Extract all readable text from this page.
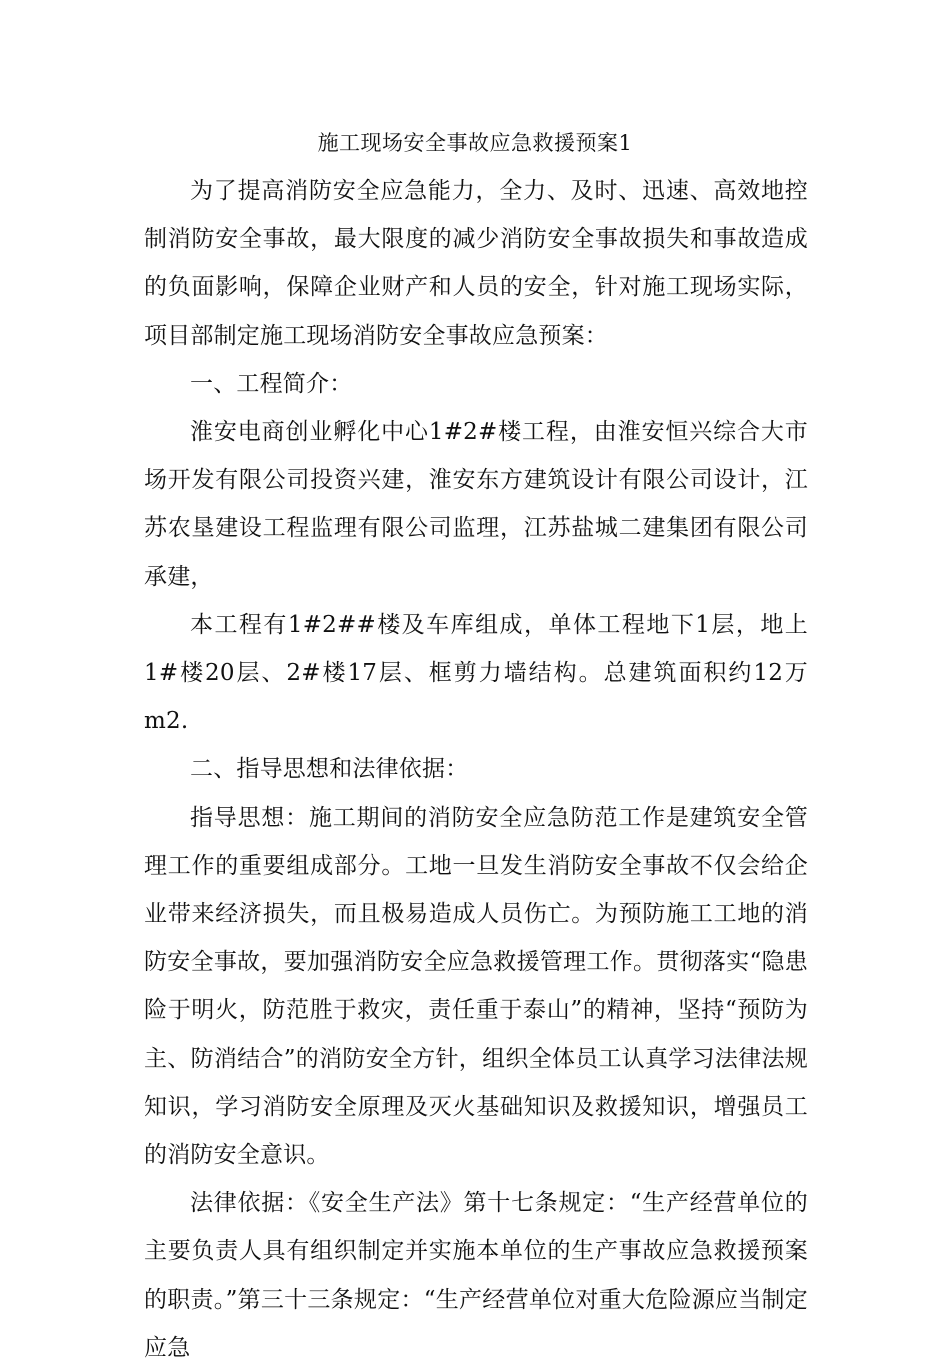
施工现场安全事故应急救援预案1

为了提高消防安全应急能力，全力、及时、迅速、高效地控制消防安全事故，最大限度的减少消防安全事故损失和事故造成的负面影响，保障企业财产和人员的安全，针对施工现场实际，项目部制定施工现场消防安全事故应急预案：

一、工程简介：

淮安电商创业孵化中心1#2#楼工程，由淮安恒兴综合大市场开发有限公司投资兴建，淮安东方建筑设计有限公司设计，江苏农垦建设工程监理有限公司监理，江苏盐城二建集团有限公司承建，

本工程有1#2##楼及车库组成，单体工程地下1层，地上1#楼20层、2#楼17层、框剪力墙结构。总建筑面积约12万m2.

二、指导思想和法律依据：

指导思想：施工期间的消防安全应急防范工作是建筑安全管理工作的重要组成部分。工地一旦发生消防安全事故不仅会给企业带来经济损失，而且极易造成人员伤亡。为预防施工工地的消防安全事故，要加强消防安全应急救援管理工作。贯彻落实“隐患险于明火，防范胜于救灾，责任重于泰山”的精神，坚持“预防为主、防消结合”的消防安全方针，组织全体员工认真学习法律法规知识，学习消防安全原理及灭火基础知识及救援知识，增强员工的消防安全意识。

法律依据：《安全生产法》第十七条规定：“生产经营单位的主要负责人具有组织制定并实施本单位的生产事故应急救援预案的职责。”第三十三条规定：“生产经营单位对重大危险源应当制定应急
